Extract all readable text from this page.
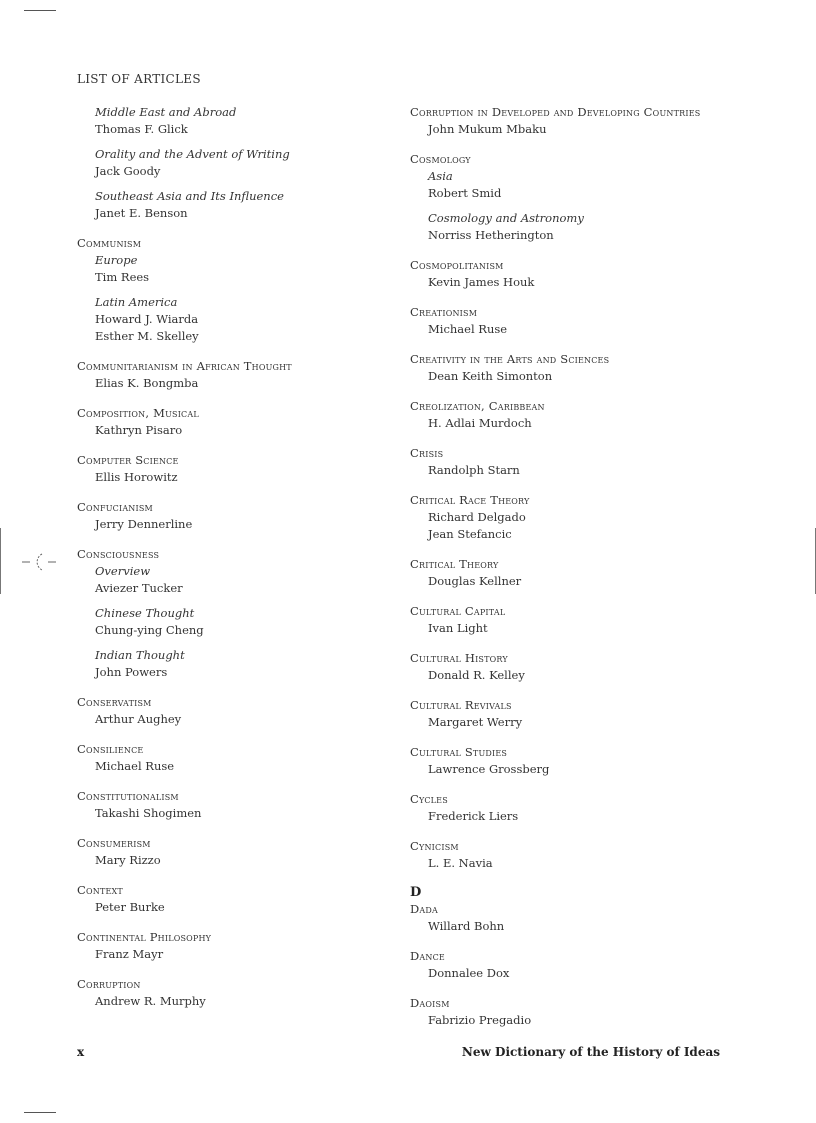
LIST OF ARTICLES
Middle East and Abroad
Thomas F. Glick
Orality and the Advent of Writing
Jack Goody
Southeast Asia and Its Influence
Janet E. Benson
Communism
Europe
Tim Rees
Latin America
Howard J. Wiarda
Esther M. Skelley
Communitarianism in African Thought
Elias K. Bongmba
Composition, Musical
Kathryn Pisaro
Computer Science
Ellis Horowitz
Confucianism
Jerry Dennerline
Consciousness
Overview
Aviezer Tucker
Chinese Thought
Chung-ying Cheng
Indian Thought
John Powers
Conservatism
Arthur Aughey
Consilience
Michael Ruse
Constitutionalism
Takashi Shogimen
Consumerism
Mary Rizzo
Context
Peter Burke
Continental Philosophy
Franz Mayr
Corruption
Andrew R. Murphy
Corruption in Developed and Developing Countries
John Mukum Mbaku
Cosmology
Asia
Robert Smid
Cosmology and Astronomy
Norriss Hetherington
Cosmopolitanism
Kevin James Houk
Creationism
Michael Ruse
Creativity in the Arts and Sciences
Dean Keith Simonton
Creolization, Caribbean
H. Adlai Murdoch
Crisis
Randolph Starn
Critical Race Theory
Richard Delgado
Jean Stefancic
Critical Theory
Douglas Kellner
Cultural Capital
Ivan Light
Cultural History
Donald R. Kelley
Cultural Revivals
Margaret Werry
Cultural Studies
Lawrence Grossberg
Cycles
Frederick Liers
Cynicism
L. E. Navia
D
Dada
Willard Bohn
Dance
Donnalee Dox
Daoism
Fabrizio Pregadio
x	New Dictionary of the History of Ideas
